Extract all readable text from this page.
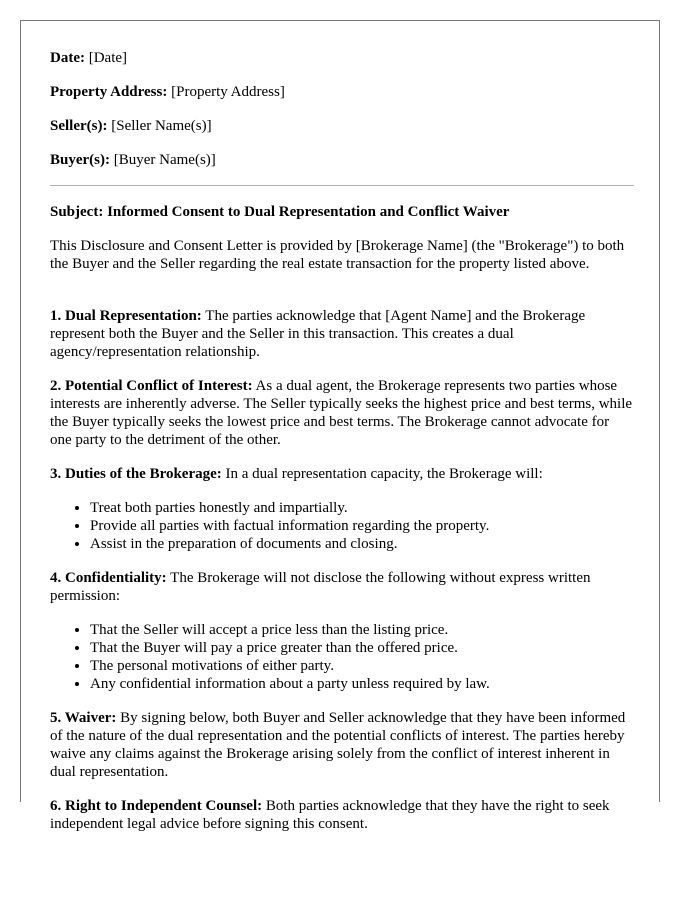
Date: [Date]

Property Address: [Property Address]

Seller(s): [Seller Name(s)]

Buyer(s): [Buyer Name(s)]

Subject: Informed Consent to Dual Representation and Conflict Waiver

This Disclosure and Consent Letter is provided by [Brokerage Name] (the "Brokerage") to both the Buyer and the Seller regarding the real estate transaction for the property listed above.

1. Dual Representation: The parties acknowledge that [Agent Name] and the Brokerage represent both the Buyer and the Seller in this transaction. This creates a dual agency/representation relationship.

2. Potential Conflict of Interest: As a dual agent, the Brokerage represents two parties whose interests are inherently adverse. The Seller typically seeks the highest price and best terms, while the Buyer typically seeks the lowest price and best terms. The Brokerage cannot advocate for one party to the detriment of the other.

3. Duties of the Brokerage: In a dual representation capacity, the Brokerage will:

• Treat both parties honestly and impartially.
• Provide all parties with factual information regarding the property.
• Assist in the preparation of documents and closing.

4. Confidentiality: The Brokerage will not disclose the following without express written permission:

• That the Seller will accept a price less than the listing price.
• That the Buyer will pay a price greater than the offered price.
• The personal motivations of either party.
• Any confidential information about a party unless required by law.

5. Waiver: By signing below, both Buyer and Seller acknowledge that they have been informed of the nature of the dual representation and the potential conflicts of interest. The parties hereby waive any claims against the Brokerage arising solely from the conflict of interest inherent in dual representation.

6. Right to Independent Counsel: Both parties acknowledge that they have the right to seek independent legal advice before signing this consent.
